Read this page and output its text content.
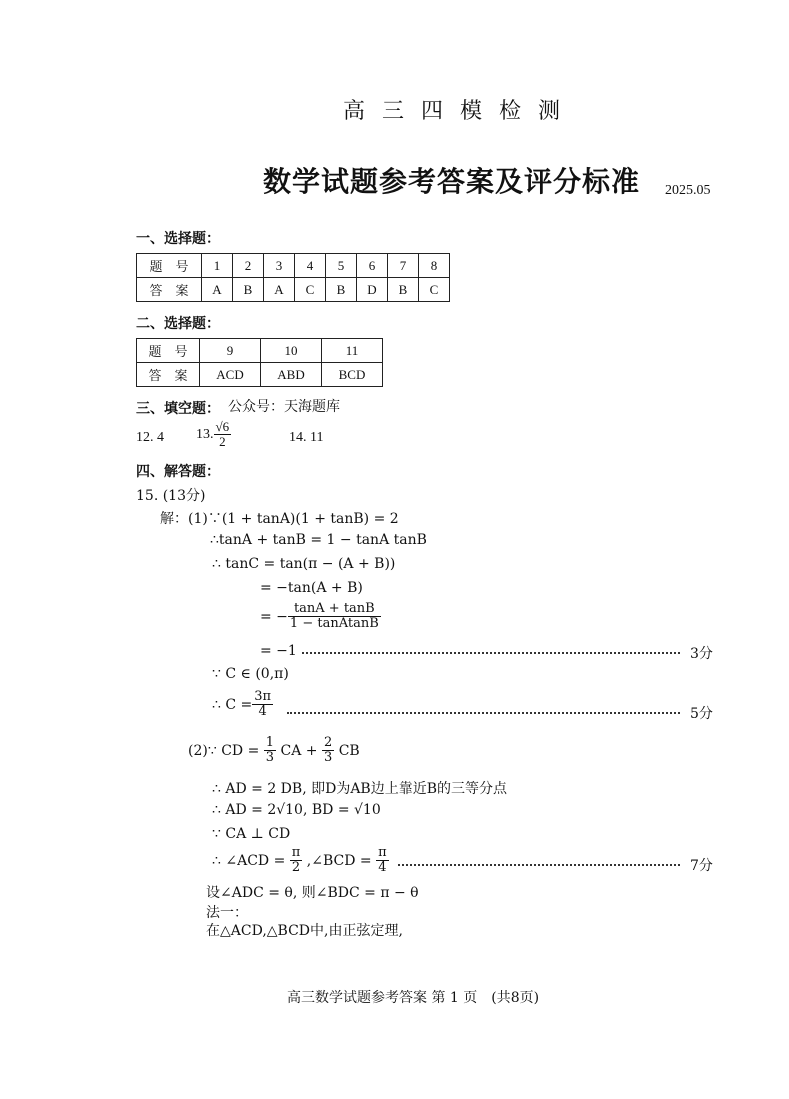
高 三 四 模 检 测
数学试题参考答案及评分标准 2025.05
一、选择题：
题　号	1	2	3	4	5	6	7	8
答　案	A	B	A	C	B	D	B	C
二、选择题：
题　号	9	10	11
答　案	ACD	ABD	BCD
三、填空题： 公众号：天海题库
12. 4 13. $\frac{√6}{2}$	14. 11
四、解答题：
15. (13分)
解：(1)∵(1 + tanA)(1 + tanB) = 2
∴tanA + tanB = 1 − tanA tanB
∴ tanC = tan(π − (A + B))
= −tan(A + B)
= − $\frac{\tan A + \tan B}{\text{1 − tanAtanB}}$
= −1	3分
∵ C ∈ (0,π)
∴ $C = \frac{3\pi}{4}$	5分
(2)∵ CD = $\frac{1}{3}$ CA + $\frac{2}{3}$ CB
∴ AD = 2 DB, 即D为AB边上靠近B的三等分点
∴ AD = 2√10, BD = √10
∵ CA ⊥ CD
∴ ∠ACD = $\frac{\pi}{2}$ ,∠BCD = $\frac{\pi}{4}$	7分
设∠ADC = θ, 则∠BDC = π − θ
法一：
在△ACD,△BCD中,由正弦定理,
高三数学试题参考答案 第 1 页　(共8页)
